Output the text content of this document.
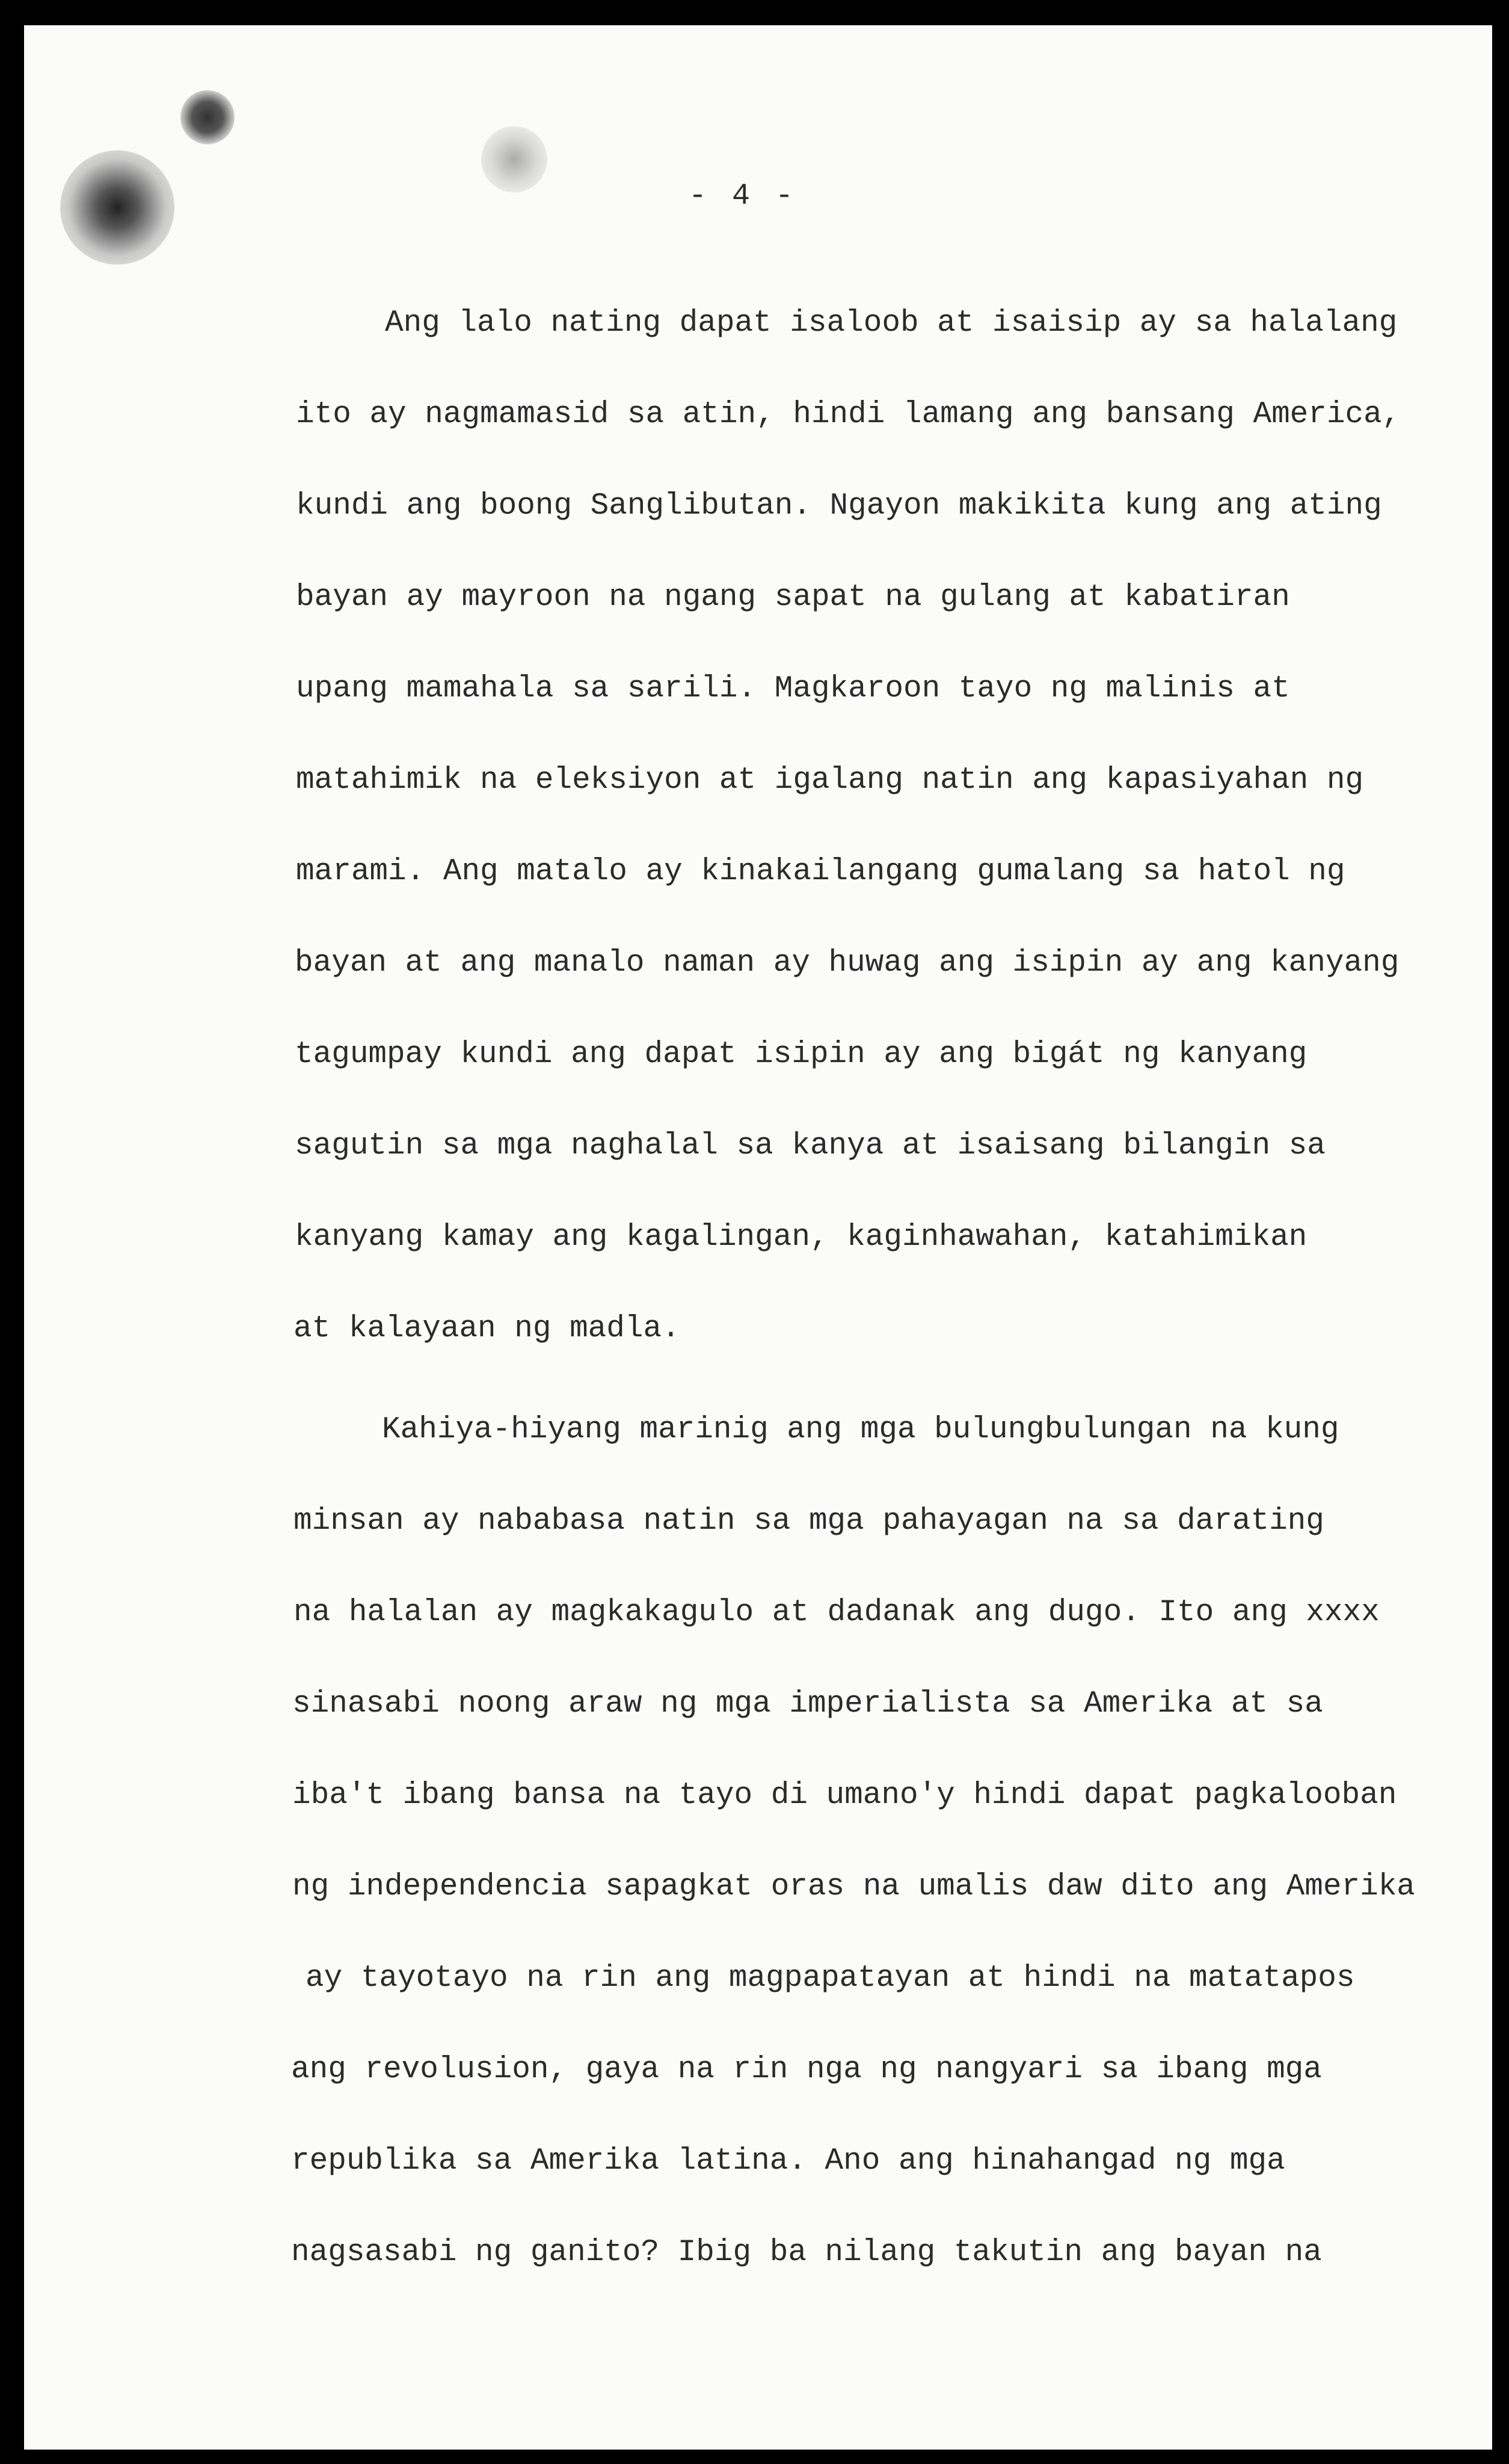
- 4 -
Ang lalo nating dapat isaloob at isaisip ay sa halalang
ito ay nagmamasid sa atin, hindi lamang ang bansang America,
kundi ang boong Sanglibutan. Ngayon makikita kung ang ating
bayan ay mayroon na ngang sapat na gulang at kabatiran
upang mamahala sa sarili. Magkaroon tayo ng malinis at
matahimik na eleksiyon at igalang natin ang kapasiyahan ng
marami. Ang matalo ay kinakailangang gumalang sa hatol ng
bayan at ang manalo naman ay huwag ang isipin ay ang kanyang
tagumpay kundi ang dapat isipin ay ang bigát ng kanyang
sagutin sa mga naghalal sa kanya at isaisang bilangin sa
kanyang kamay ang kagalingan, kaginhawahan, katahimikan
at kalayaan ng madla.
Kahiya-hiyang marinig ang mga bulungbulungan na kung
minsan ay nababasa natin sa mga pahayagan na sa darating
na halalan ay magkakagulo at dadanak ang dugo. Ito ang xxxx
sinasabi noong araw ng mga imperialista sa Amerika at sa
iba't ibang bansa na tayo di umano'y hindi dapat pagkalooban
ng independencia sapagkat oras na umalis daw dito ang Amerika
ay tayotayo na rin ang magpapatayan at hindi na matatapos
ang revolusion, gaya na rin nga ng nangyari sa ibang mga
republika sa Amerika latina. Ano ang hinahangad ng mga
nagsasabi ng ganito? Ibig ba nilang takutin ang bayan na
